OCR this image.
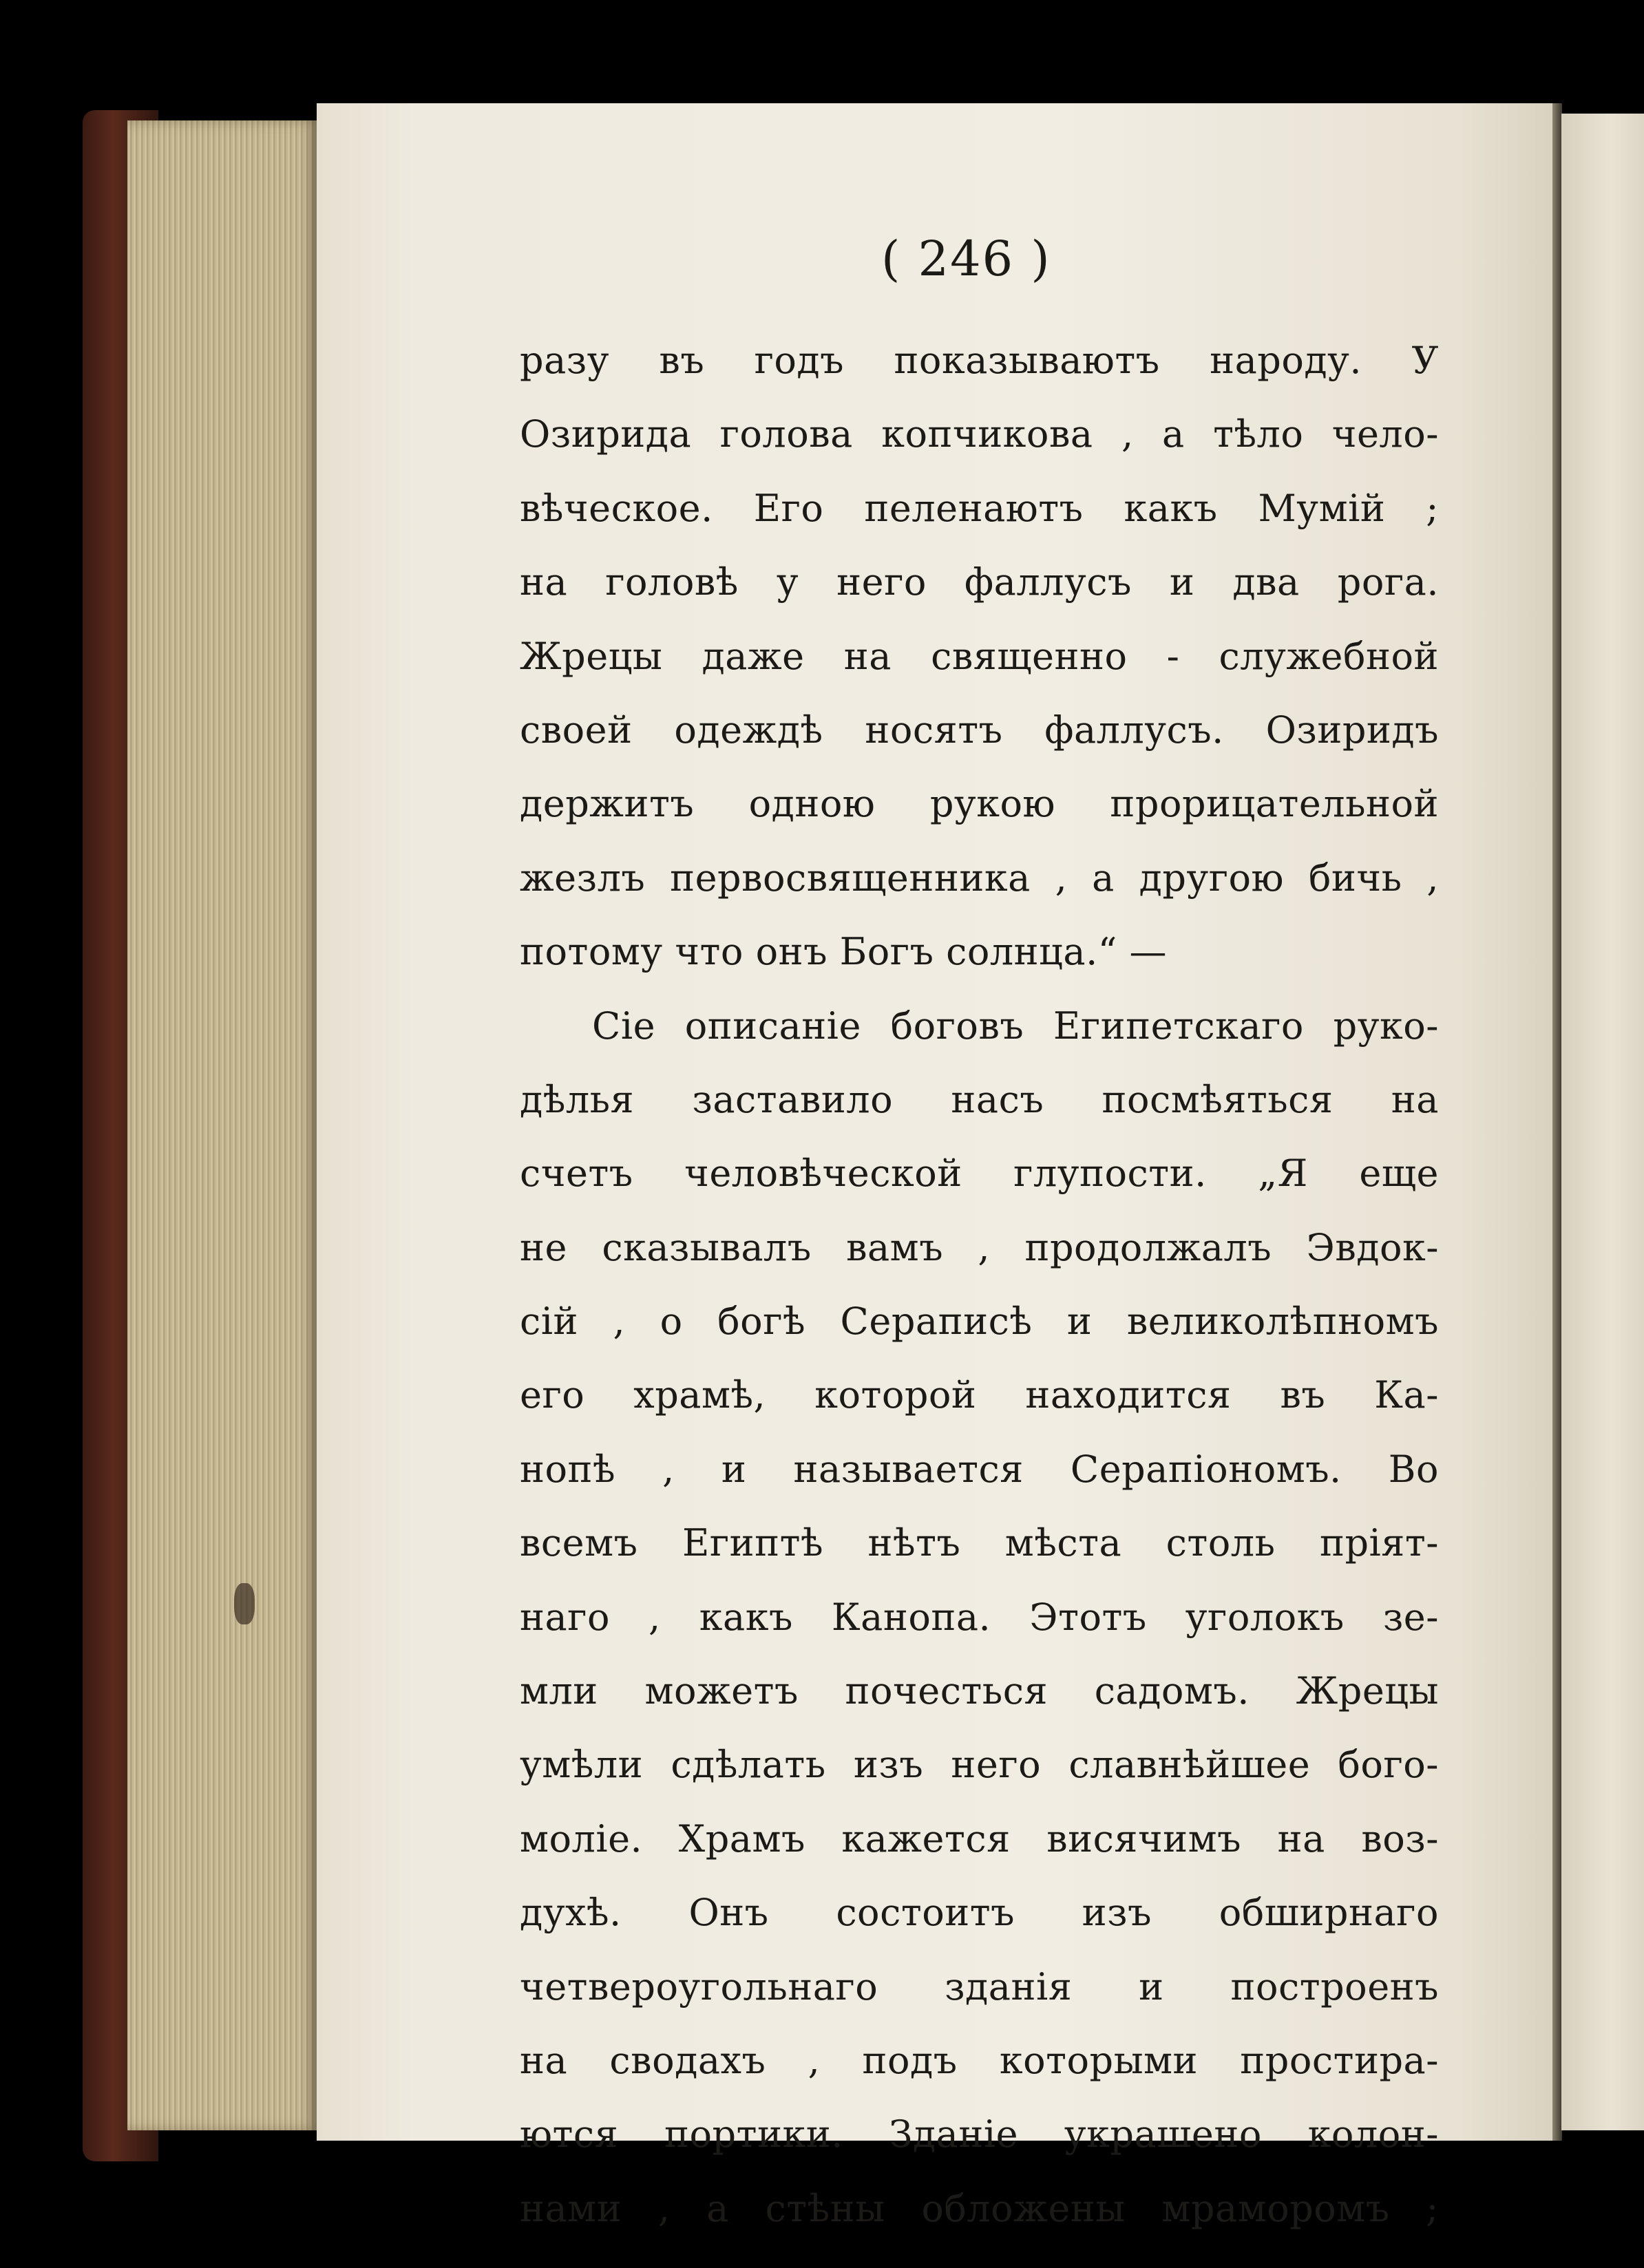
( 246 )
разу въ годъ показываютъ народу. У
Озирида голова копчикова , а тѣло чело-
вѣческое. Его пеленаютъ какъ Мумій ;
на головѣ у него фаллусъ и два рога.
Жрецы даже на священно - служебной
своей одеждѣ носятъ фаллусъ. Озиридъ
держитъ одною рукою прорицательной
жезлъ первосвященника , а другою бичь ,
потому что онъ Богъ солнца.“ —
Сіе описаніе боговъ Египетскаго руко-
дѣлья заставило насъ посмѣяться на
счетъ человѣческой глупости. „Я еще
не сказывалъ вамъ , продолжалъ Эвдок-
сій , о богѣ Сераписѣ и великолѣпномъ
его храмѣ, которой находится въ Ка-
нопѣ , и называется Серапіономъ. Во
всемъ Египтѣ нѣтъ мѣста столь пріят-
наго , какъ Канопа. Этотъ уголокъ зе-
мли можетъ почесться садомъ. Жрецы
умѣли сдѣлать изъ него славнѣйшее бого-
моліе. Храмъ кажется висячимъ на воз-
духѣ. Онъ состоитъ изъ обширнаго
четвероугольнаго зданія и построенъ
на сводахъ , подъ которыми простира-
ются портики. Зданіе украшено колон-
нами , а стѣны обложены мраморомъ ;
